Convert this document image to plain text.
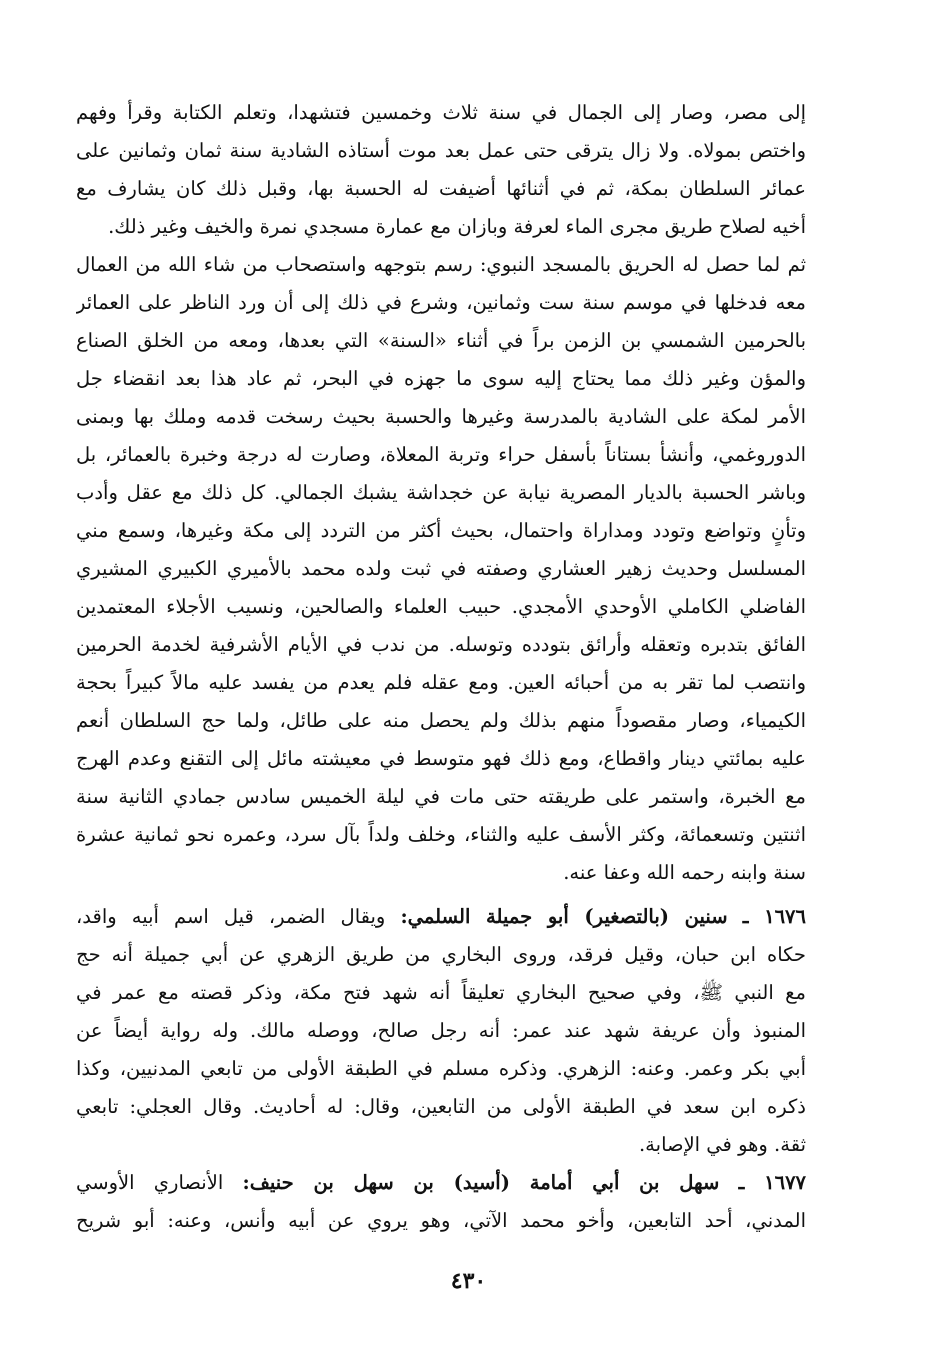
إلى مصر، وصار إلى الجمال في سنة ثلاث وخمسين فتشهدا، وتعلم الكتابة وقرأ وفهم
واختص بمولاه. ولا زال يترقى حتى عمل بعد موت أستاذه الشادية سنة ثمان وثمانين على
عمائر السلطان بمكة، ثم في أثنائها أضيفت له الحسبة بها، وقبل ذلك كان يشارف مع
أخيه لصلاح طريق مجرى الماء لعرفة وبازان مع عمارة مسجدي نمرة والخيف وغير ذلك.
ثم لما حصل له الحريق بالمسجد النبوي: رسم بتوجهه واستصحاب من شاء الله من العمال
معه فدخلها في موسم سنة ست وثمانين، وشرع في ذلك إلى أن ورد الناظر على العمائر
بالحرمين الشمسي بن الزمن براً في أثناء «السنة» التي بعدها، ومعه من الخلق الصناع
والمؤن وغير ذلك مما يحتاج إليه سوى ما جهزه في البحر، ثم عاد هذا بعد انقضاء جل
الأمر لمكة على الشادية بالمدرسة وغيرها والحسبة بحيث رسخت قدمه وملك بها وبمنى
الدوروغمي، وأنشأ بستاناً بأسفل حراء وتربة المعلاة، وصارت له درجة وخبرة بالعمائر، بل
وباشر الحسبة بالديار المصرية نيابة عن خجداشة يشبك الجمالي. كل ذلك مع عقل وأدب
وتأنٍ وتواضع وتودد ومداراة واحتمال، بحيث أكثر من التردد إلى مكة وغيرها، وسمع مني
المسلسل وحديث زهير العشاري وصفته في ثبت ولده محمد بالأميري الكبيري المشيري
الفاضلي الكاملي الأوحدي الأمجدي. حبيب العلماء والصالحين، ونسيب الأجلاء المعتمدين
الفائق بتدبره وتعقله وأرائق بتودده وتوسله. من ندب في الأيام الأشرفية لخدمة الحرمين
وانتصب لما تقر به من أحبائه العين. ومع عقله فلم يعدم من يفسد عليه مالاً كبيراً بحجة
الكيمياء، وصار مقصوداً منهم بذلك ولم يحصل منه على طائل، ولما حج السلطان أنعم
عليه بمائتي دينار واقطاع، ومع ذلك فهو متوسط في معيشته مائل إلى التقنع وعدم الهرج
مع الخبرة، واستمر على طريقته حتى مات في ليلة الخميس سادس جمادي الثانية سنة
اثنتين وتسعمائة، وكثر الأسف عليه والثناء، وخلف ولداً بآل سرد، وعمره نحو ثمانية عشرة
سنة وابنه رحمه الله وعفا عنه.
١٦٧٦ ـ سنين (بالتصغير) أبو جميلة السلمي: ويقال الضمر، قيل اسم أبيه واقد،
حكاه ابن حبان، وقيل فرقد، وروى البخاري من طريق الزهري عن أبي جميلة أنه حج
مع النبي ﷺ، وفي صحيح البخاري تعليقاً أنه شهد فتح مكة، وذكر قصته مع عمر في
المنبوذ وأن عريفة شهد عند عمر: أنه رجل صالح، ووصله مالك. وله رواية أيضاً عن
أبي بكر وعمر. وعنه: الزهري. وذكره مسلم في الطبقة الأولى من تابعي المدنيين، وكذا
ذكره ابن سعد في الطبقة الأولى من التابعين، وقال: له أحاديث. وقال العجلي: تابعي
ثقة. وهو في الإصابة.
١٦٧٧ ـ سهل بن أبي أمامة (أسيد) بن سهل بن حنيف: الأنصاري الأوسي
المدني، أحد التابعين، وأخو محمد الآتي، وهو يروي عن أبيه وأنس، وعنه: أبو شريح
٤٣٠
